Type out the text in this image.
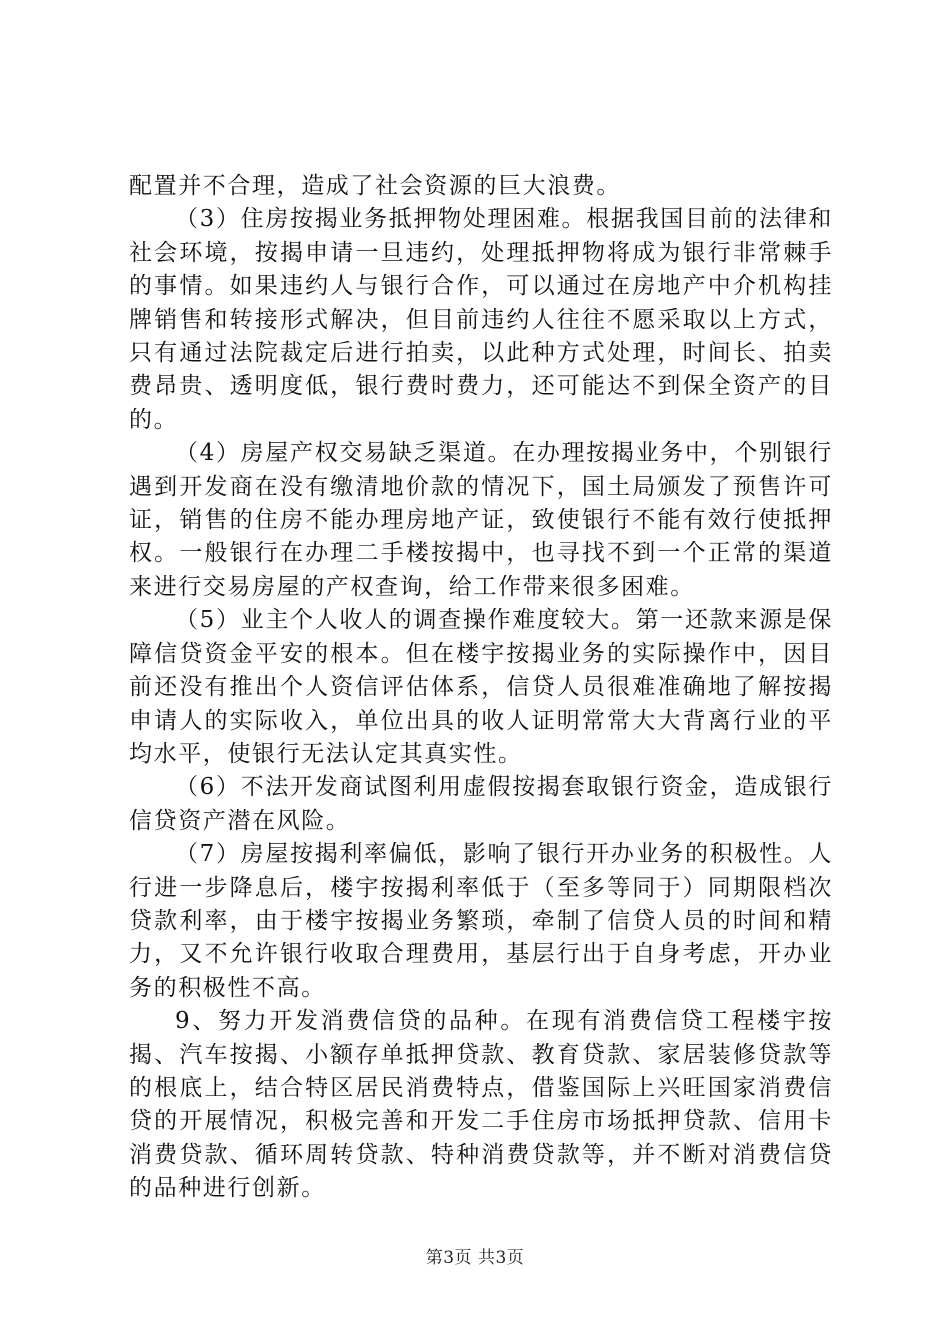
配置并不合理，造成了社会资源的巨大浪费。

（3）住房按揭业务抵押物处理困难。根据我国目前的法律和社会环境，按揭申请一旦违约，处理抵押物将成为银行非常棘手的事情。如果违约人与银行合作，可以通过在房地产中介机构挂牌销售和转接形式解决，但目前违约人往往不愿采取以上方式，只有通过法院裁定后进行拍卖，以此种方式处理，时间长、拍卖费昂贵、透明度低，银行费时费力，还可能达不到保全资产的目的。

（4）房屋产权交易缺乏渠道。在办理按揭业务中，个别银行遇到开发商在没有缴清地价款的情况下，国土局颁发了预售许可证，销售的住房不能办理房地产证，致使银行不能有效行使抵押权。一般银行在办理二手楼按揭中，也寻找不到一个正常的渠道来进行交易房屋的产权查询，给工作带来很多困难。

（5）业主个人收人的调查操作难度较大。第一还款来源是保障信贷资金平安的根本。但在楼宇按揭业务的实际操作中，因目前还没有推出个人资信评估体系，信贷人员很难准确地了解按揭申请人的实际收入，单位出具的收人证明常常大大背离行业的平均水平，使银行无法认定其真实性。

（6）不法开发商试图利用虚假按揭套取银行资金，造成银行信贷资产潜在风险。

（7）房屋按揭利率偏低，影响了银行开办业务的积极性。人行进一步降息后，楼宇按揭利率低于（至多等同于）同期限档次贷款利率，由于楼宇按揭业务繁琐，牵制了信贷人员的时间和精力，又不允许银行收取合理费用，基层行出于自身考虑，开办业务的积极性不高。

9、努力开发消费信贷的品种。在现有消费信贷工程楼宇按揭、汽车按揭、小额存单抵押贷款、教育贷款、家居装修贷款等的根底上，结合特区居民消费特点，借鉴国际上兴旺国家消费信贷的开展情况，积极完善和开发二手住房市场抵押贷款、信用卡消费贷款、循环周转贷款、特种消费贷款等，并不断对消费信贷的品种进行创新。

第3页 共3页
